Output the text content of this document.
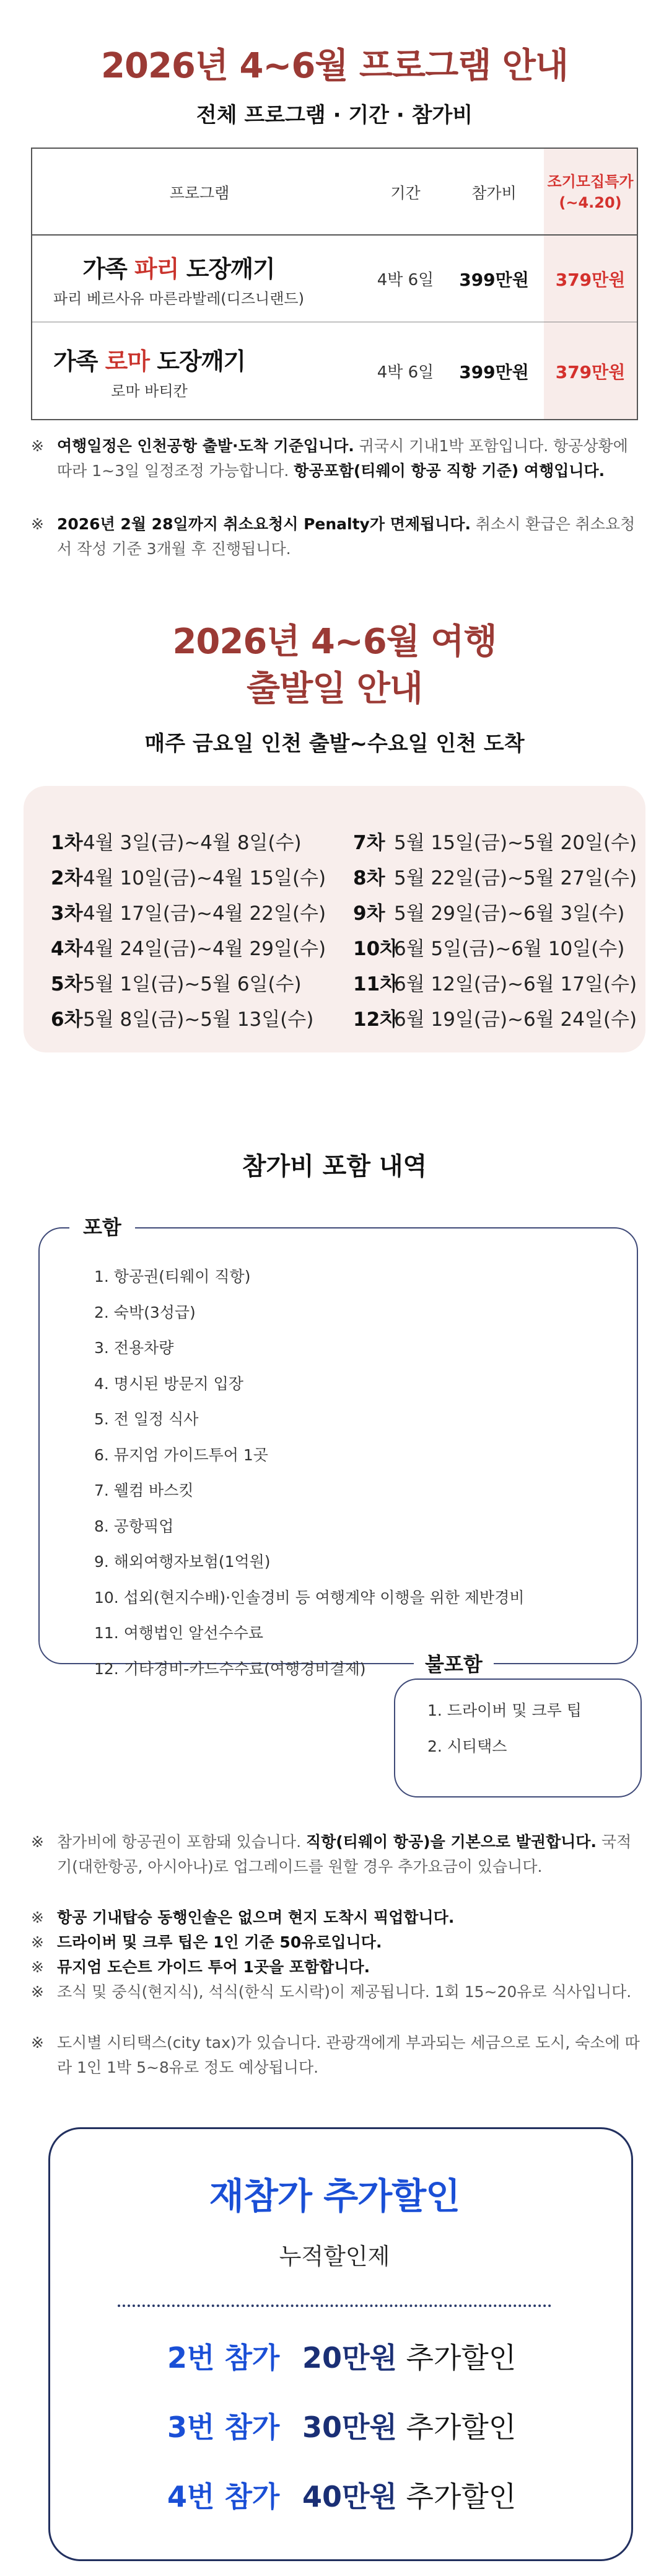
2026년 4~6월 프로그램 안내
전체 프로그램 · 기간 · 참가비
프로그램	기간	참가비
조기모집특가
(~4.20)
가족 파리 도장깨기
파리 베르사유 마른라발레(디즈니랜드)
4박 6일	399만원	379만원
가족 로마 도장깨기
로마 바티칸
4박 6일	399만원	379만원
※ 여행일정은 인천공항 출발·도착 기준입니다. 귀국시 기내1박 포함입니다. 항공상황에 따라 1~3일 일정조정 가능합니다. 항공포함(티웨이 항공 직항 기준) 여행입니다.
※ 2026년 2월 28일까지 취소요청시 Penalty가 면제됩니다. 취소시 환급은 취소요청서 작성 기준 3개월 후 진행됩니다.
2026년 4~6월 여행
출발일 안내
매주 금요일 인천 출발~수요일 인천 도착
1차4월 3일(금)~4월 8일(수)
2차4월 10일(금)~4월 15일(수)
3차4월 17일(금)~4월 22일(수)
4차4월 24일(금)~4월 29일(수)
5차5월 1일(금)~5월 6일(수)
6차5월 8일(금)~5월 13일(수)
7차 5월 15일(금)~5월 20일(수)
8차 5월 22일(금)~5월 27일(수)
9차 5월 29일(금)~6월 3일(수)
10차6월 5일(금)~6월 10일(수)
11차6월 12일(금)~6월 17일(수)
12차6월 19일(금)~6월 24일(수)
참가비 포함 내역
포함
1. 항공권(티웨이 직항)
2. 숙박(3성급)
3. 전용차량
4. 명시된 방문지 입장
5. 전 일정 식사
6. 뮤지엄 가이드투어 1곳
7. 웰컴 바스킷
8. 공항픽업
9. 해외여행자보험(1억원)
10. 섭외(현지수배)·인솔경비 등 여행계약 이행을 위한 제반경비
11. 여행법인 알선수수료
12. 기타경비-카드수수료(여행경비결제)	불포함
1. 드라이버 및 크루 팁
2. 시티택스
※ 참가비에 항공권이 포함돼 있습니다. 직항(티웨이 항공)을 기본으로 발권합니다. 국적기(대한항공, 아시아나)로 업그레이드를 원할 경우 추가요금이 있습니다.
※ 항공 기내탑승 동행인솔은 없으며 현지 도착시 픽업합니다.
※ 드라이버 및 크루 팁은 1인 기준 50유로입니다.
※ 뮤지엄 도슨트 가이드 투어 1곳을 포함합니다.
※ 조식 및 중식(현지식), 석식(한식 도시락)이 제공됩니다. 1회 15~20유로 식사입니다.
※ 도시별 시티택스(city tax)가 있습니다. 관광객에게 부과되는 세금으로 도시, 숙소에 따라 1인 1박 5~8유로 정도 예상됩니다.
재참가 추가할인
누적할인제
2번 참가 20만원 추가할인
3번 참가 30만원 추가할인
4번 참가 40만원 추가할인
